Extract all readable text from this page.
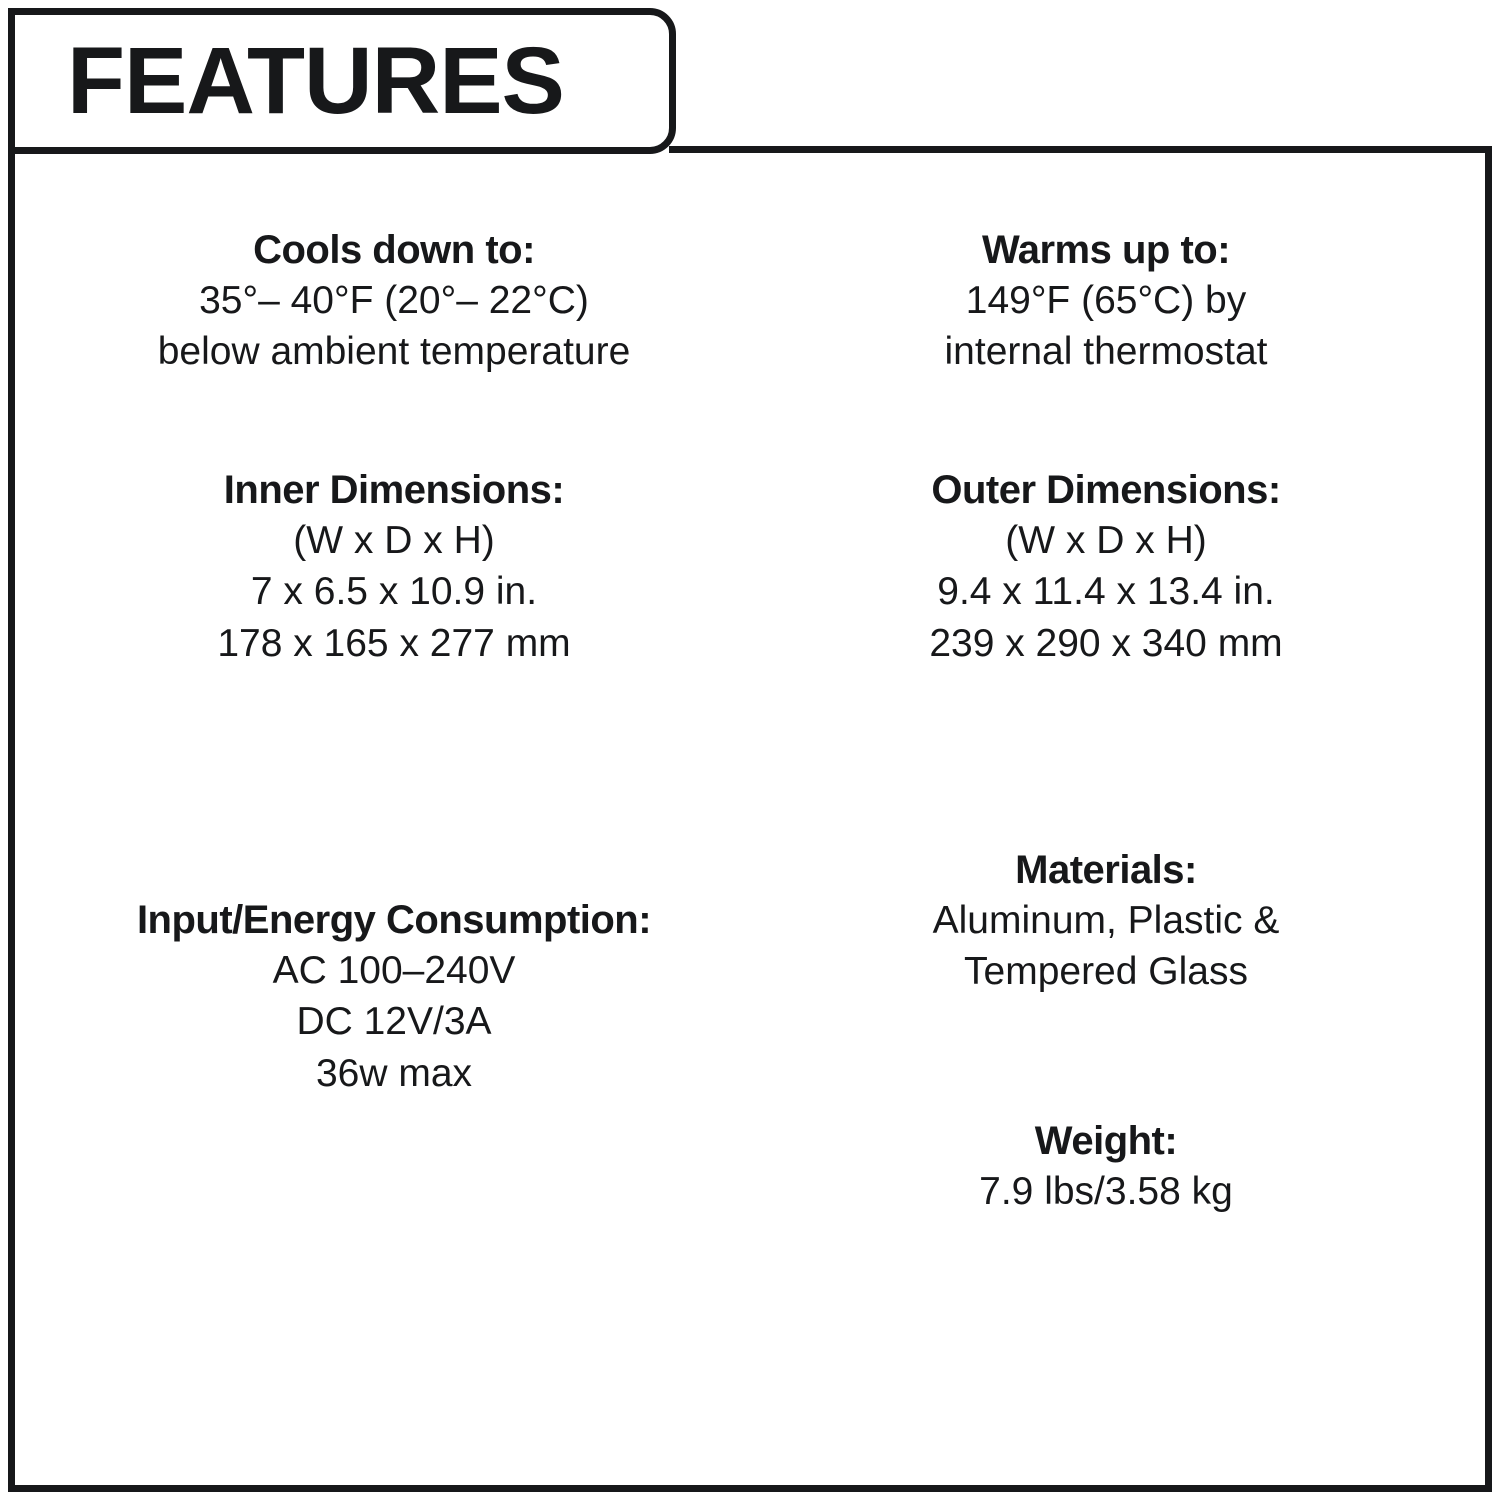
FEATURES
Cools down to:
35°– 40°F (20°– 22°C)
below ambient temperature
Warms up to:
149°F (65°C) by
internal thermostat
Inner Dimensions:
(W x D x H)
7 x 6.5 x 10.9 in.
178 x 165 x 277 mm
Outer Dimensions:
(W x D x H)
9.4 x 11.4 x 13.4 in.
239 x 290 x 340 mm
Input/Energy Consumption:
AC 100–240V
DC 12V/3A
36w max
Materials:
Aluminum, Plastic &
Tempered Glass
Weight:
7.9 lbs/3.58 kg
